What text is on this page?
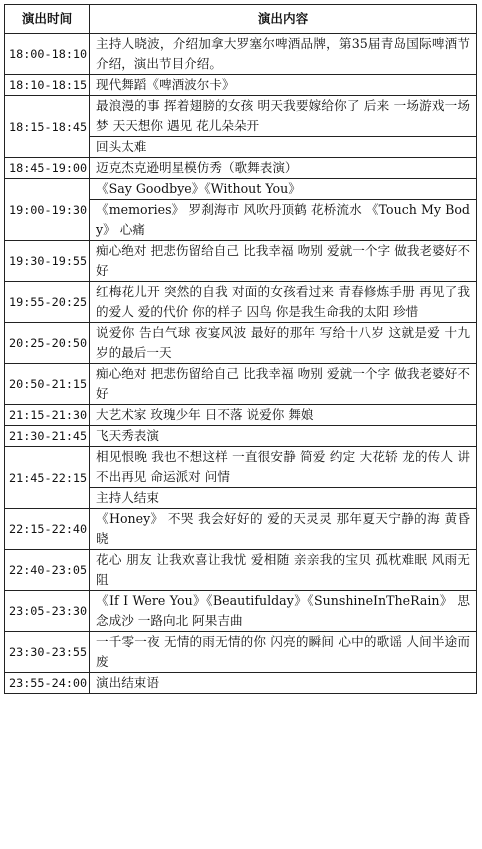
演出时间	演出内容
18:00-18:10	主持人晓波，介绍加拿大罗塞尔啤酒品牌，第35届青岛国际啤酒节介绍，演出节目介绍。
18:10-18:15	现代舞蹈《啤酒波尔卡》
18:15-18:45	最浪漫的事 挥着翅膀的女孩 明天我要嫁给你了 后来 一场游戏一场梦 天天想你 遇见 花儿朵朵开
	回头太难
18:45-19:00	迈克杰克逊明星模仿秀（歌舞表演）
19:00-19:30	《Say Goodbye》《Without You》
	《memories》 罗刹海市 风吹丹顶鹤 花桥流水 《Touch My Body》 心痛
19:30-19:55	痴心绝对 把悲伤留给自己 比我幸福 吻别 爱就一个字 做我老婆好不好
19:55-20:25	红梅花儿开 突然的自我 对面的女孩看过来 青春修炼手册 再见了我的爱人 爱的代价 你的样子 囚鸟 你是我生命我的太阳 珍惜
20:25-20:50	说爱你 告白气球 夜宴风波 最好的那年 写给十八岁 这就是爱 十九岁的最后一天
20:50-21:15	痴心绝对 把悲伤留给自己 比我幸福 吻别 爱就一个字 做我老婆好不好
21:15-21:30	大艺术家 玫瑰少年 日不落 说爱你 舞娘
21:30-21:45	飞天秀表演
21:45-22:15	相见恨晚 我也不想这样 一直很安静 简爱 约定 大花轿 龙的传人 讲不出再见 命运派对 问情
	主持人结束
22:15-22:40	《Honey》 不哭 我会好好的 爱的天灵灵 那年夏天宁静的海 黄昏晓
22:40-23:05	花心 朋友 让我欢喜让我忧 爱相随 亲亲我的宝贝 孤枕难眠 风雨无阻
23:05-23:30	《If I Were You》《Beautifulday》《SunshineInTheRain》 思念成沙 一路向北 阿果吉曲
23:30-23:55	一千零一夜 无情的雨无情的你 闪亮的瞬间 心中的歌谣 人间半途而废
23:55-24:00	演出结束语
